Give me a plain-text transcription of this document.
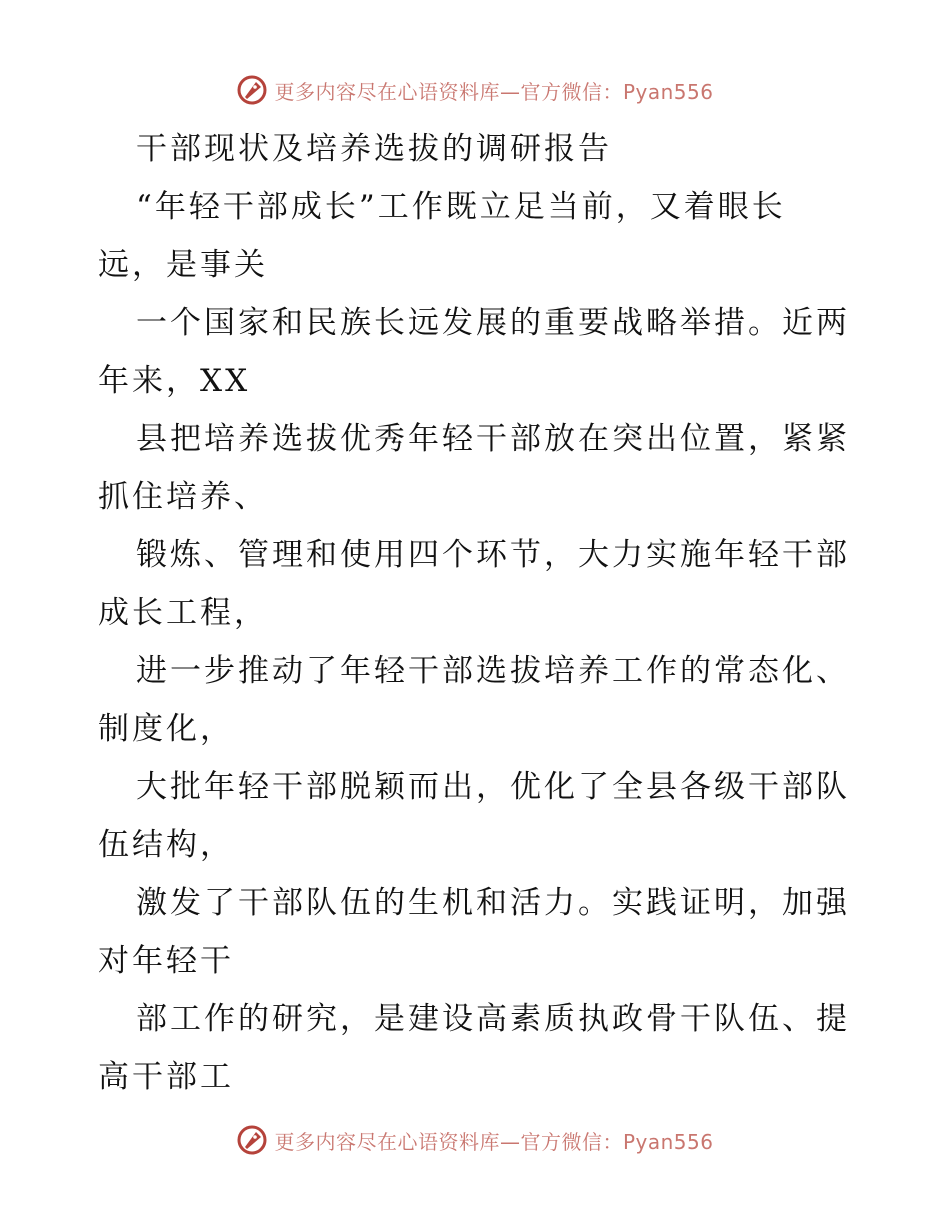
更多内容尽在心语资料库—官方微信：Pyan556
干部现状及培养选拔的调研报告
“年轻干部成长”工作既立足当前，又着眼长
远，是事关
一个国家和民族长远发展的重要战略举措。近两
年来，XX
县把培养选拔优秀年轻干部放在突出位置，紧紧
抓住培养、
锻炼、管理和使用四个环节，大力实施年轻干部
成长工程，
进一步推动了年轻干部选拔培养工作的常态化、
制度化，
大批年轻干部脱颖而出，优化了全县各级干部队
伍结构，
激发了干部队伍的生机和活力。实践证明，加强
对年轻干
部工作的研究，是建设高素质执政骨干队伍、提
高干部工
更多内容尽在心语资料库—官方微信：Pyan556
